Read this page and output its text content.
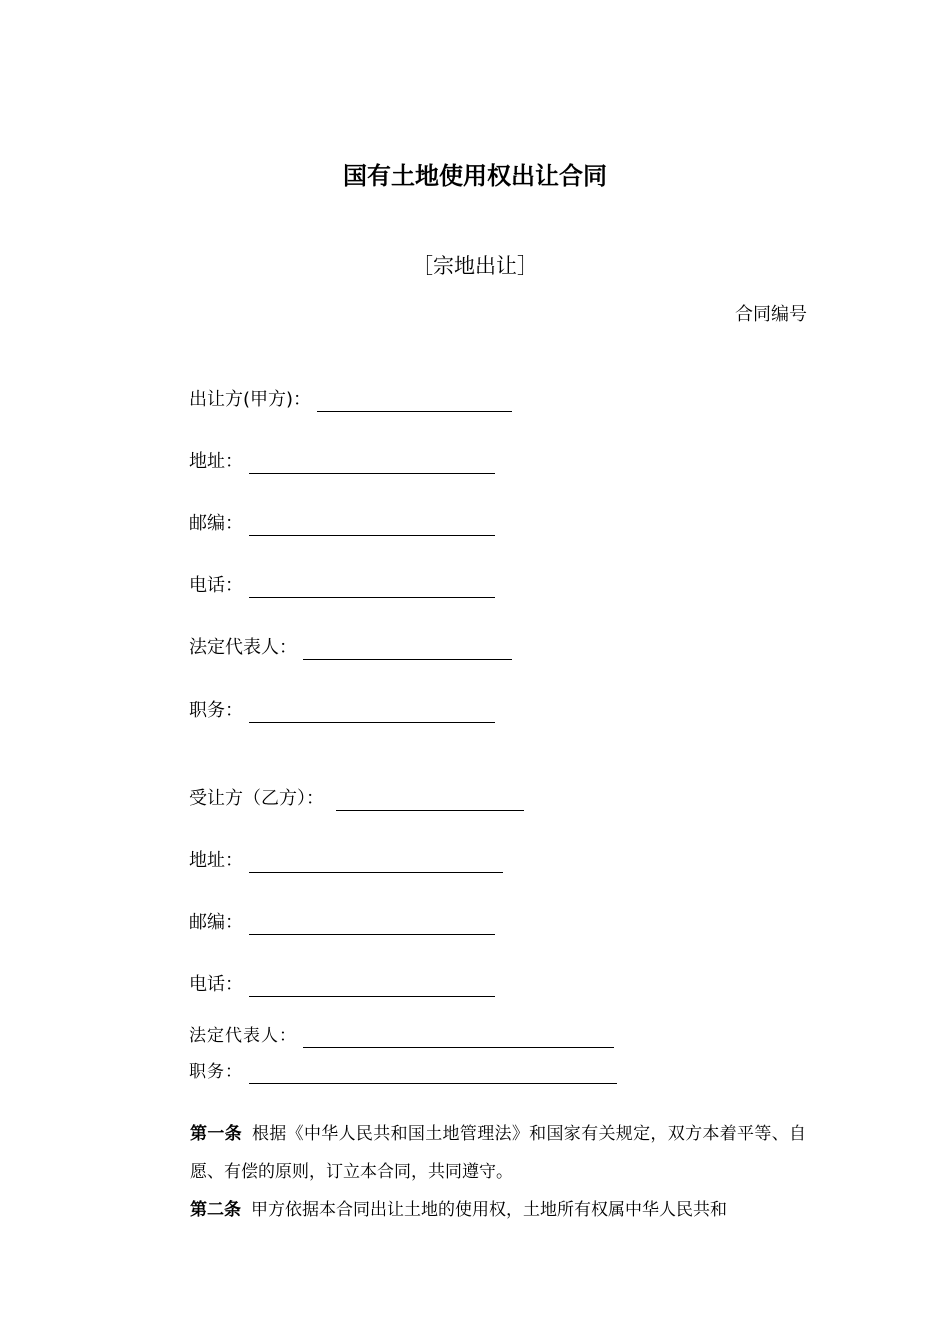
国有土地使用权出让合同
［宗地出让］
合同编号
出让方(甲方)：
地址：
邮编：
电话：
法定代表人：
职务：
受让方（乙方）：
地址：
邮编：
电话：
法定代表人：
职务：
第一条 根据《中华人民共和国土地管理法》和国家有关规定，双方本着平等、自愿、有偿的原则，订立本合同，共同遵守。
第二条 甲方依据本合同出让土地的使用权，土地所有权属中华人民共和
